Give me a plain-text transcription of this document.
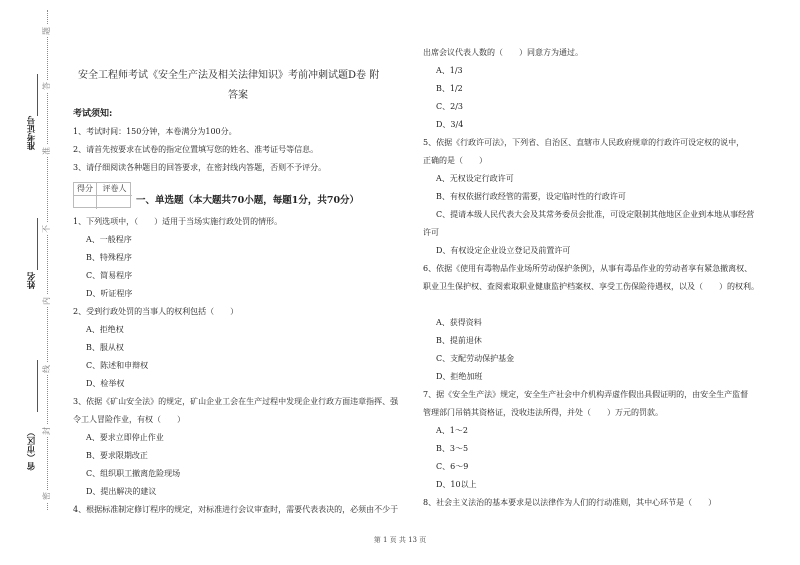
题
答
准
不
内
线
封
密
准考证号
姓名
省（市区）
安全工程师考试《安全生产法及相关法律知识》考前冲刺试题D卷 附
答案
考试须知:
1、考试时间：150分钟，本卷满分为100分。
2、请首先按要求在试卷的指定位置填写您的姓名、准考证号等信息。
3、请仔细阅读各种题目的回答要求，在密封线内答题，否则不予评分。
得分	评卷人
一、单选题（本大题共70小题，每题1分，共70分）
1、下列选项中，（　　）适用于当场实施行政处罚的情形。
A、一般程序
B、特殊程序
C、简易程序
D、听证程序
2、受到行政处罚的当事人的权利包括（　　）
A、拒绝权
B、服从权
C、陈述和申辩权
D、检举权
3、依据《矿山安全法》的规定，矿山企业工会在生产过程中发现企业行政方面违章指挥、强
令工人冒险作业，有权（　　）
A、要求立即停止作业
B、要求限期改正
C、组织职工撤离危险现场
D、提出解决的建议
4、根据标准制定修订程序的规定，对标准进行会议审查时，需要代表表决的，必须由不少于
出席会议代表人数的（　　）同意方为通过。
A、1/3
B、1/2
C、2/3
D、3/4
5、依据《行政许可法》，下列省、自治区、直辖市人民政府规章的行政许可设定权的说中，
正确的是（　　）
A、无权设定行政许可
B、有权依据行政经管的需要，设定临时性的行政许可
C、提请本级人民代表大会及其常务委员会批准，可设定限制其他地区企业到本地从事经营
许可
D、有权设定企业设立登记及前置许可
6、依据《使用有毒物品作业场所劳动保护条例》，从事有毒品作业的劳动者享有紧急撤离权、
职业卫生保护权、查阅索取职业健康监护档案权、享受工伤保险待遇权，以及（　　）的权利。
A、获得资料
B、提前退休
C、支配劳动保护基金
D、拒绝加班
7、据《安全生产法》规定，安全生产社会中介机构弄虚作假出具假证明的，由安全生产监督
管理部门吊销其资格证，没收违法所得，并处（　　）万元的罚款。
A、1～2
B、3～5
C、6～9
D、10以上
8、社会主义法治的基本要求是以法律作为人们的行动准则，其中心环节是（　　）
第 1 页 共 13 页
